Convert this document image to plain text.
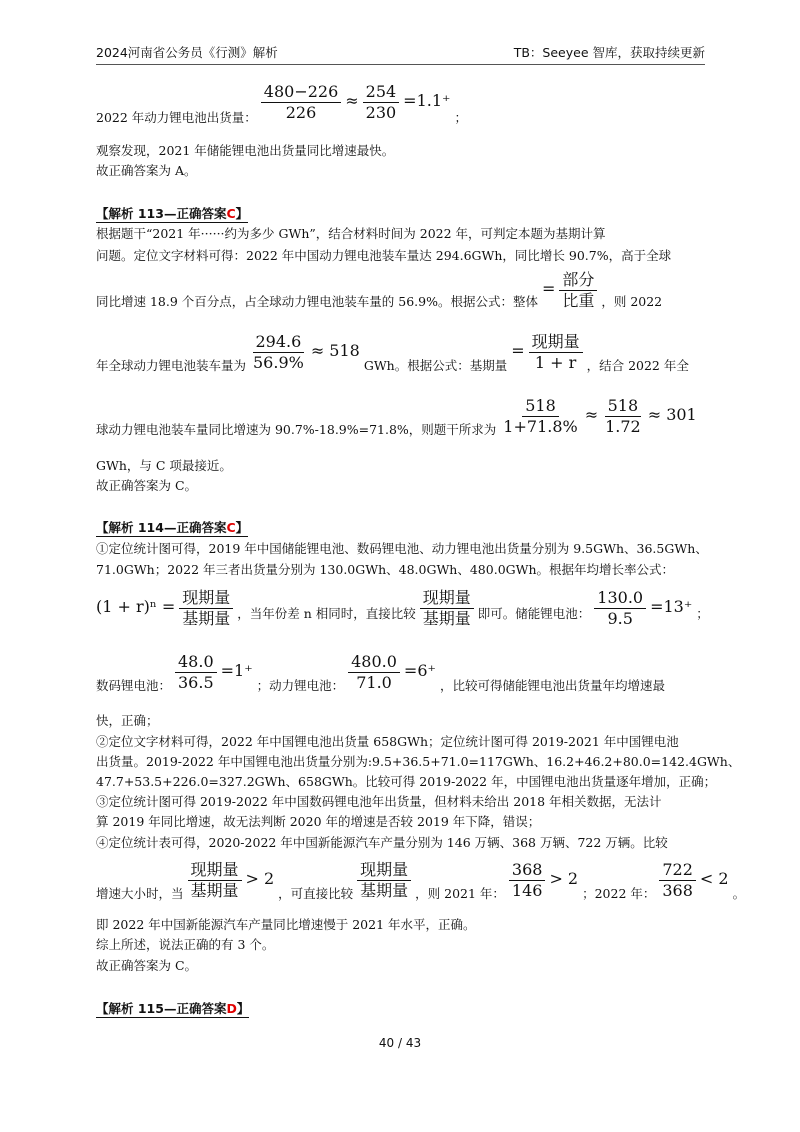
2024河南省公务员《行测》解析	TB：Seeyee 智库，获取持续更新
2022 年动力锂电池出货量： $\frac{480-226}{226} \approx \frac{254}{230} =1.1^+$ ；
观察发现，2021 年储能锂电池出货量同比增速最快。
故正确答案为 A。
【解析 113—正确答案C】
根据题干“2021 年······约为多少 GWh”，结合材料时间为 2022 年，可判定本题为基期计算
问题。定位文字材料可得：2022 年中国动力锂电池装车量达 294.6GWh，同比增长 90.7%，高于全球
同比增速 18.9 个百分点，占全球动力锂电池装车量的 56.9%。根据公式：整体 = $\frac{\text{部分}}{\text{比重}}$ ，则 2022
年全球动力锂电池装车量为 $\frac{294.6}{56.9\%} \approx 518$ GWh。根据公式：基期量 = $\frac{\text{现期量}}{1 + r}$ ，结合 2022 年全
球动力锂电池装车量同比增速为 90.7%-18.9%=71.8%，则题干所求为 $\frac{518}{1+71.8\%} \approx \frac{518}{1.72} \approx 301$
GWh，与 C 项最接近。
故正确答案为 C。
【解析 114—正确答案C】
①定位统计图可得，2019 年中国储能锂电池、数码锂电池、动力锂电池出货量分别为 9.5GWh、36.5GWh、
71.0GWh；2022 年三者出货量分别为 130.0GWh、48.0GWh、480.0GWh。根据年均增长率公式：
$(1 + r)^n = \frac{\text{现期量}}{\text{基期量}}$ ，当年份差 n 相同时，直接比较 $\frac{\text{现期量}}{\text{基期量}}$ 即可。储能锂电池： $\frac{130.0}{9.5} =13^+$ ；
数码锂电池： $\frac{48.0}{36.5} =1^+$ ；动力锂电池： $\frac{480.0}{71.0} =6^+$ ，比较可得储能锂电池出货量年均增速最
快，正确；
②定位文字材料可得，2022 年中国锂电池出货量 658GWh；定位统计图可得 2019-2021 年中国锂电池
出货量。2019-2022 年中国锂电池出货量分别为:9.5+36.5+71.0=117GWh、16.2+46.2+80.0=142.4GWh、
47.7+53.5+226.0=327.2GWh、658GWh。比较可得 2019-2022 年，中国锂电池出货量逐年增加，正确；
③定位统计图可得 2019-2022 年中国数码锂电池年出货量，但材料未给出 2018 年相关数据，无法计
算 2019 年同比增速，故无法判断 2020 年的增速是否较 2019 年下降，错误；
④定位统计表可得，2020-2022 年中国新能源汽车产量分别为 146 万辆、368 万辆、722 万辆。比较
增速大小时，当 $\frac{\text{现期量}}{\text{基期量}} > 2$ ，可直接比较 $\frac{\text{现期量}}{\text{基期量}}$ ，则 2021 年： $\frac{368}{146} > 2$ ；2022 年： $\frac{722}{368} < 2$ 。
即 2022 年中国新能源汽车产量同比增速慢于 2021 年水平，正确。
综上所述，说法正确的有 3 个。
故正确答案为 C。
【解析 115—正确答案D】
40 / 43
